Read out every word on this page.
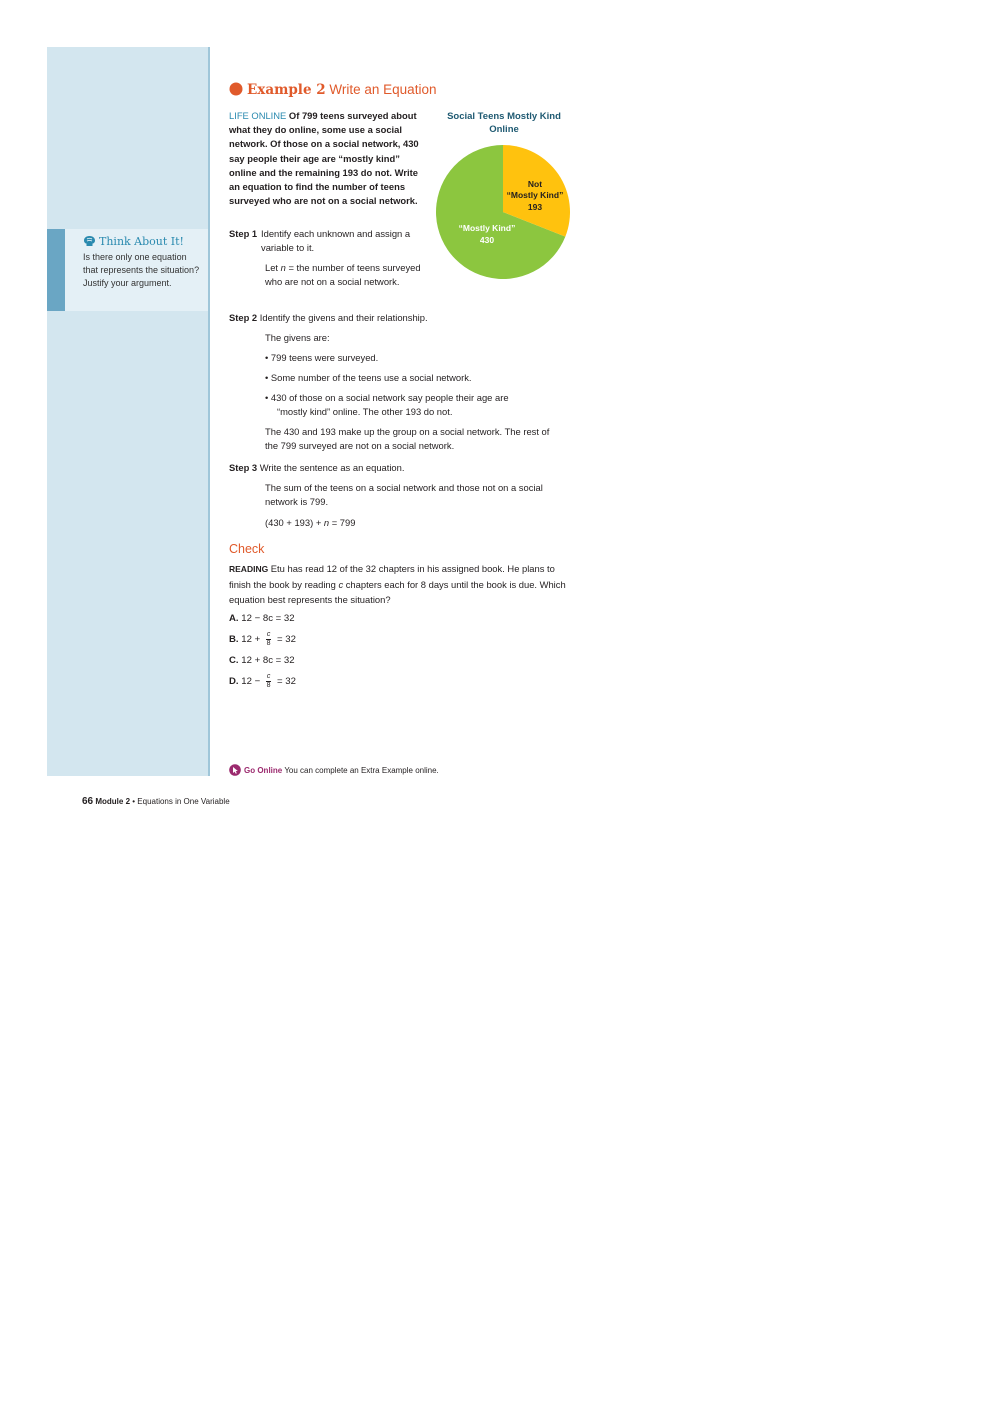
Think About It!
Is there only one equation that represents the situation? Justify your argument.
Example 2 Write an Equation
LIFE ONLINE Of 799 teens surveyed about what they do online, some use a social network. Of those on a social network, 430 say people their age are “mostly kind” online and the remaining 193 do not. Write an equation to find the number of teens surveyed who are not on a social network.
Social Teens Mostly Kind Online
Not
“Mostly Kind”
193
“Mostly Kind”
430
Step 1 Identify each unknown and assign a variable to it.
Let n = the number of teens surveyed who are not on a social network.
Step 2 Identify the givens and their relationship.
The givens are:
• 799 teens were surveyed.
• Some number of the teens use a social network.
• 430 of those on a social network say people their age are
“mostly kind” online. The other 193 do not.
The 430 and 193 make up the group on a social network. The rest of the 799 surveyed are not on a social network.
Step 3 Write the sentence as an equation.
The sum of the teens on a social network and those not on a social network is 799.
(430 + 193) + n = 799
Check
READING Etu has read 12 of the 32 chapters in his assigned book. He plans to finish the book by reading c chapters each for 8 days until the book is due. Which equation best represents the situation?
A. 12 − 8c = 32
B. $12 + \frac{c}{8} = 32$
C. 12 + 8c = 32
D. $12 - \frac{c}{8} = 32$
Go Online You can complete an Extra Example online.
66 Module 2 • Equations in One Variable
